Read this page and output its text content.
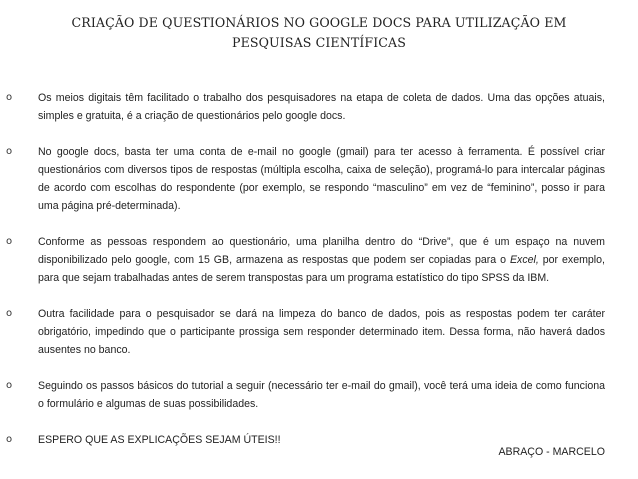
CRIAÇÃO DE QUESTIONÁRIOS NO GOOGLE DOCS PARA UTILIZAÇÃO EM
PESQUISAS CIENTÍFICAS
o Os meios digitais têm facilitado o trabalho dos pesquisadores na etapa de coleta de dados. Uma das opções atuais, simples e gratuita, é a criação de questionários pelo google docs.
o No google docs, basta ter uma conta de e-mail no google (gmail) para ter acesso à ferramenta. É possível criar questionários com diversos tipos de respostas (múltipla escolha, caixa de seleção), programá-lo para intercalar páginas de acordo com escolhas do respondente (por exemplo, se respondo “masculino” em vez de “feminino”, posso ir para uma página pré-determinada).
o Conforme as pessoas respondem ao questionário, uma planilha dentro do “Drive”, que é um espaço na nuvem disponibilizado pelo google, com 15 GB, armazena as respostas que podem ser copiadas para o Excel, por exemplo, para que sejam trabalhadas antes de serem transpostas para um programa estatístico do tipo SPSS da IBM.
o Outra facilidade para o pesquisador se dará na limpeza do banco de dados, pois as respostas podem ter caráter obrigatório, impedindo que o participante prossiga sem responder determinado item. Dessa forma, não haverá dados ausentes no banco.
o Seguindo os passos básicos do tutorial a seguir (necessário ter e-mail do gmail), você terá uma ideia de como funciona o formulário e algumas de suas possibilidades.
o ESPERO QUE AS EXPLICAÇÕES SEJAM ÚTEIS!!
ABRAÇO - MARCELO
